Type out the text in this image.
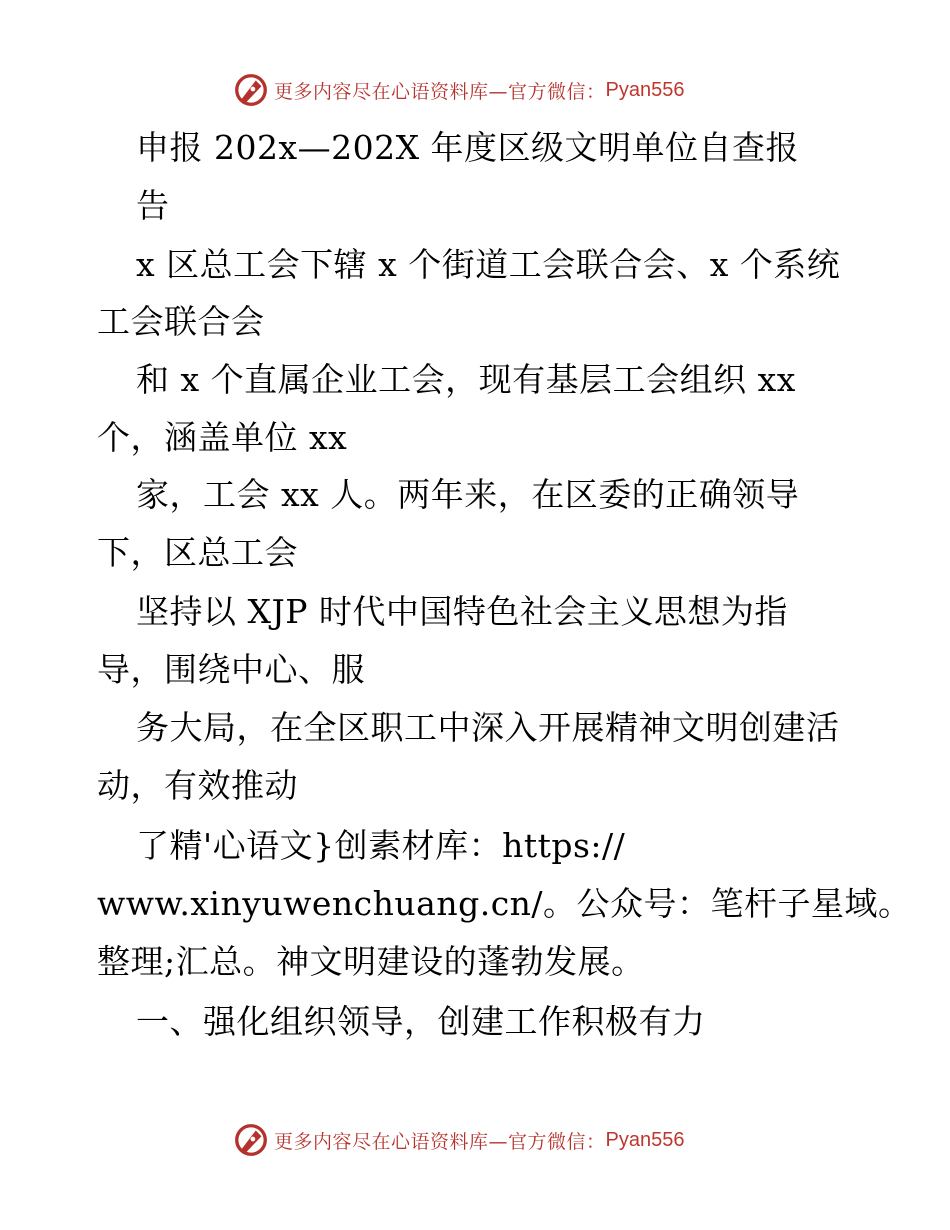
更多内容尽在心语资料库—官方微信： Pyan556
申报 202x—202X 年度区级文明单位自查报
告
x 区总工会下辖 x 个街道工会联合会、x 个系统
工会联合会
和 x 个直属企业工会，现有基层工会组织 xx
个，涵盖单位 xx
家，工会 xx 人。两年来，在区委的正确领导
下，区总工会
坚持以 XJP 时代中国特色社会主义思想为指
导，围绕中心、服
务大局，在全区职工中深入开展精神文明创建活
动，有效推动
了精'心语文}创素材库：https://
www.xinyuwenchuang.cn/。公众号：笔杆子星域。
整理;汇总。神文明建设的蓬勃发展。
一、强化组织领导，创建工作积极有力
更多内容尽在心语资料库—官方微信： Pyan556
